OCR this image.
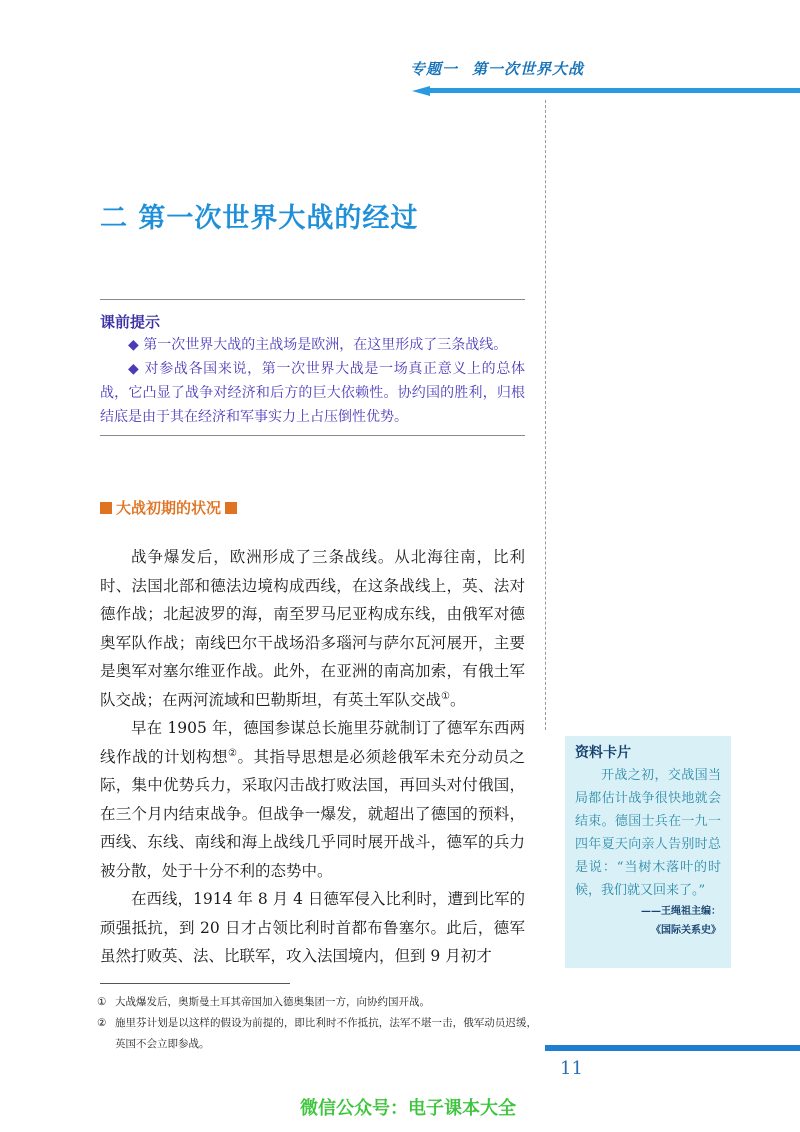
专题一 第一次世界大战
二 第一次世界大战的经过
课前提示

◆ 第一次世界大战的主战场是欧洲，在这里形成了三条战线。

◆ 对参战各国来说，第一次世界大战是一场真正意义上的总体战，它凸显了战争对经济和后方的巨大依赖性。协约国的胜利，归根结底是由于其在经济和军事实力上占压倒性优势。

大战初期的状况

战争爆发后，欧洲形成了三条战线。从北海往南，比利时、法国北部和德法边境构成西线，在这条战线上，英、法对德作战；北起波罗的海，南至罗马尼亚构成东线，由俄军对德奥军队作战；南线巴尔干战场沿多瑙河与萨尔瓦河展开，主要是奥军对塞尔维亚作战。此外，在亚洲的南高加索，有俄土军队交战；在两河流域和巴勒斯坦，有英土军队交战①。

早在 1905 年，德国参谋总长施里芬就制订了德军东西两线作战的计划构想②。其指导思想是必须趁俄军未充分动员之际，集中优势兵力，采取闪击战打败法国，再回头对付俄国，在三个月内结束战争。但战争一爆发，就超出了德国的预料，西线、东线、南线和海上战线几乎同时展开战斗，德军的兵力被分散，处于十分不利的态势中。

在西线，1914 年 8 月 4 日德军侵入比利时，遭到比军的顽强抵抗，到 20 日才占领比利时首都布鲁塞尔。此后，德军虽然打败英、法、比联军，攻入法国境内，但到 9 月初才

资料卡片
开战之初，交战国当局都估计战争很快地就会结束。德国士兵在一九一四年夏天向亲人告别时总是说：“当树木落叶的时候，我们就又回来了。”
——王绳祖主编：
《国际关系史》
① 大战爆发后，奥斯曼土耳其帝国加入德奥集团一方，向协约国开战。
② 施里芬计划是以这样的假设为前提的，即比利时不作抵抗，法军不堪一击，俄军动员迟缓，英国不会立即参战。
11
微信公众号：电子课本大全
